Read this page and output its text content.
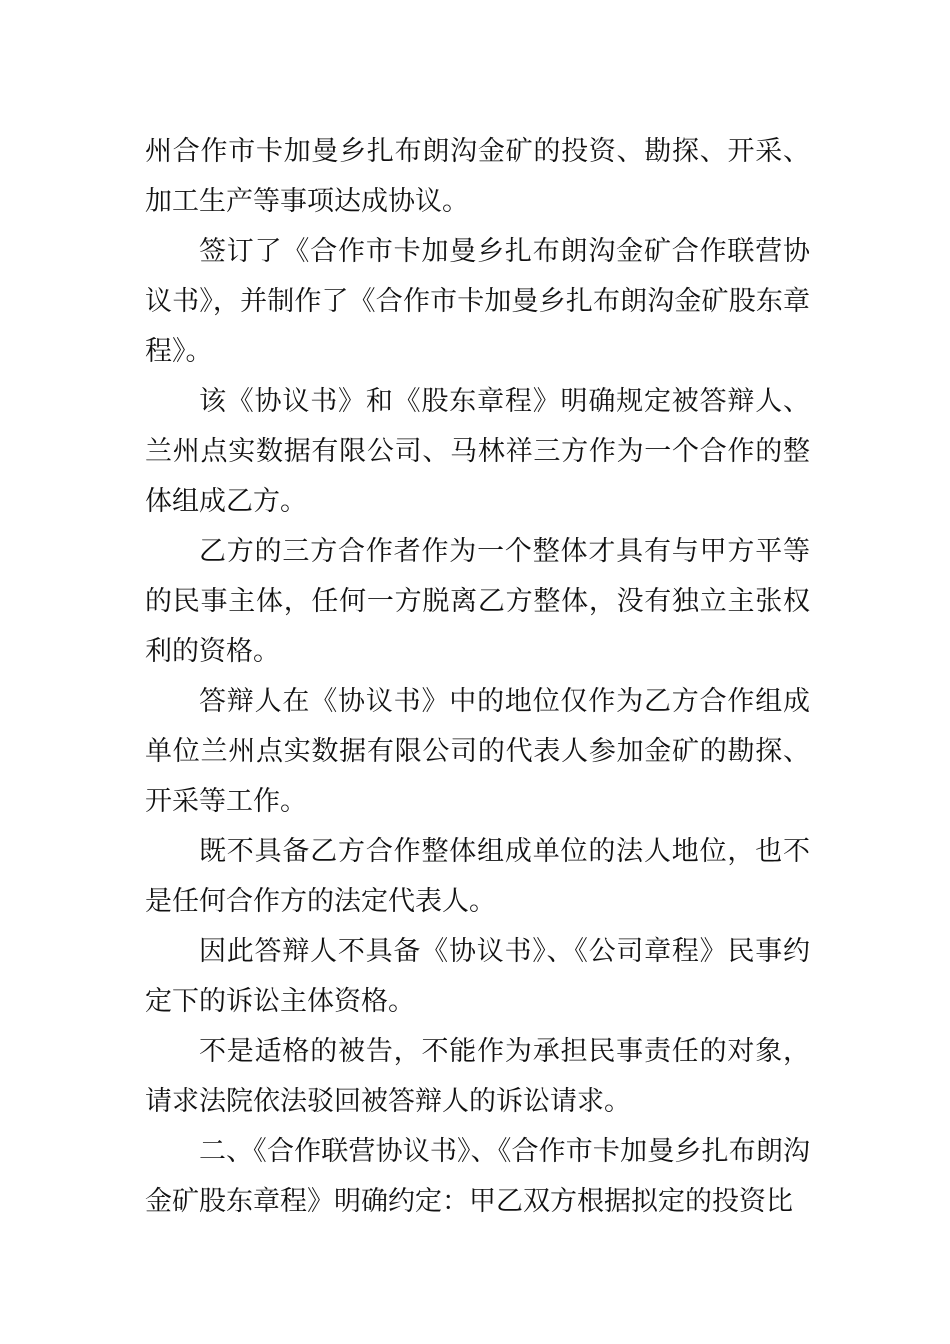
州合作市卡加曼乡扎布朗沟金矿的投资、勘探、开采、加工生产等事项达成协议。

签订了《合作市卡加曼乡扎布朗沟金矿合作联营协议书》，并制作了《合作市卡加曼乡扎布朗沟金矿股东章程》。

该《协议书》和《股东章程》明确规定被答辩人、兰州点实数据有限公司、马林祥三方作为一个合作的整体组成乙方。

乙方的三方合作者作为一个整体才具有与甲方平等的民事主体，任何一方脱离乙方整体，没有独立主张权利的资格。

答辩人在《协议书》中的地位仅作为乙方合作组成单位兰州点实数据有限公司的代表人参加金矿的勘探、开采等工作。

既不具备乙方合作整体组成单位的法人地位，也不是任何合作方的法定代表人。

因此答辩人不具备《协议书》、《公司章程》民事约定下的诉讼主体资格。

不是适格的被告，不能作为承担民事责任的对象，请求法院依法驳回被答辩人的诉讼请求。

二、《合作联营协议书》、《合作市卡加曼乡扎布朗沟金矿股东章程》明确约定：甲乙双方根据拟定的投资比
